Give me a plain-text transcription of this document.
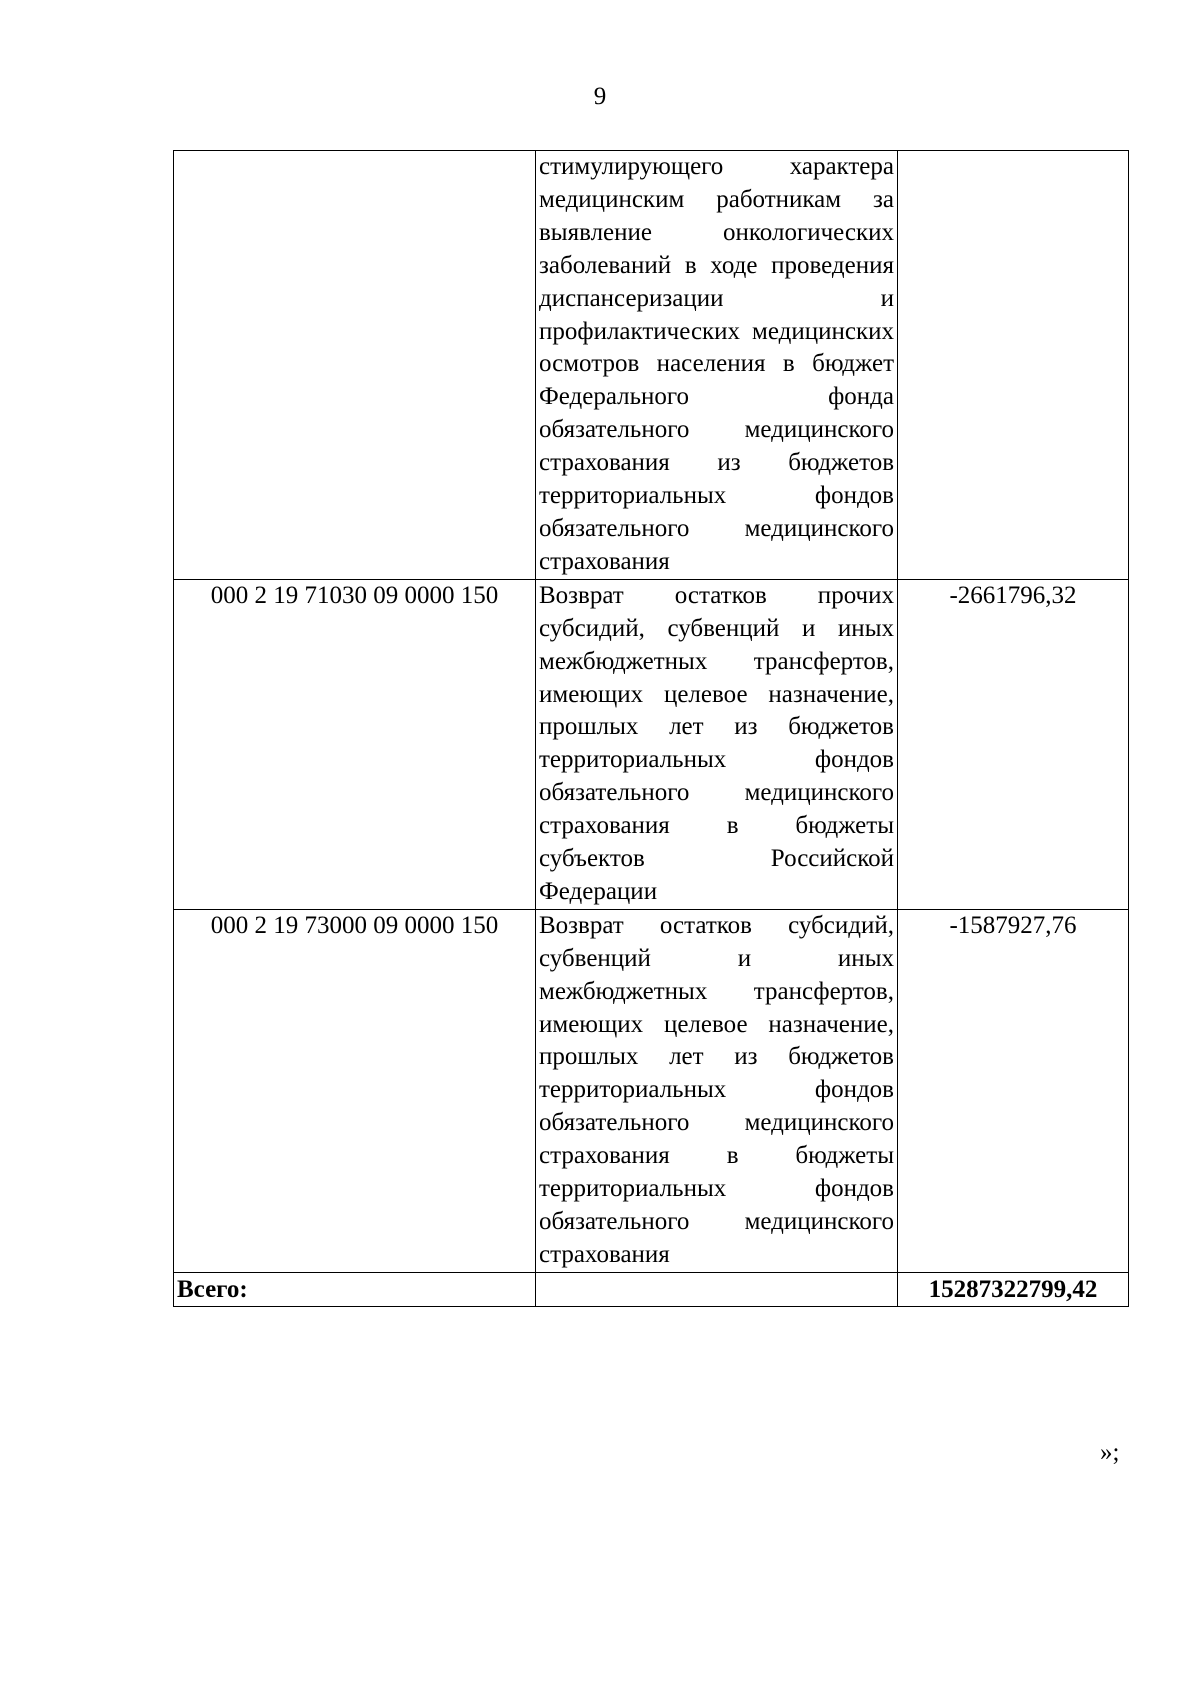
9
	стимулирующего характера медицинским работникам за выявление онкологических заболеваний в ходе проведения диспансеризации и профилактических медицинских осмотров населения в бюджет Федерального фонда обязательного медицинского страхования из бюджетов территориальных фондов обязательного медицинского страхования	
000 2 19 71030 09 0000 150	Возврат остатков прочих субсидий, субвенций и иных межбюджетных трансфертов, имеющих целевое назначение, прошлых лет из бюджетов территориальных фондов обязательного медицинского страхования в бюджеты субъектов Российской Федерации	-2661796,32
000 2 19 73000 09 0000 150	Возврат остатков субсидий, субвенций и иных межбюджетных трансфертов, имеющих целевое назначение, прошлых лет из бюджетов территориальных фондов обязательного медицинского страхования в бюджеты территориальных фондов обязательного медицинского страхования	-1587927,76
Всего:		15287322799,42
»;
